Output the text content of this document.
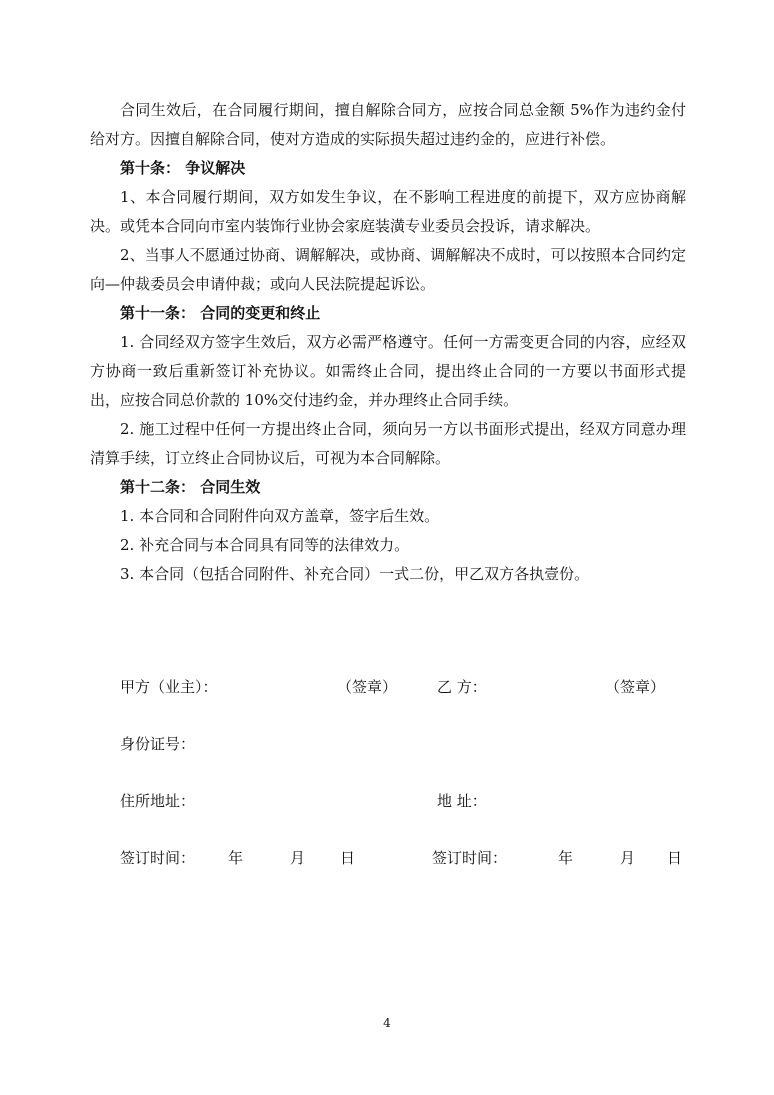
合同生效后，在合同履行期间，擅自解除合同方，应按合同总金额 5%作为违约金付给对方。因擅自解除合同，使对方造成的实际损失超过违约金的，应进行补偿。

第十条： 争议解决

1、本合同履行期间，双方如发生争议，在不影响工程进度的前提下，双方应协商解决。或凭本合同向市室内装饰行业协会家庭装潢专业委员会投诉，请求解决。

2、当事人不愿通过协商、调解解决，或协商、调解解决不成时，可以按照本合同约定向—仲裁委员会申请仲裁；或向人民法院提起诉讼。

第十一条： 合同的变更和终止

1. 合同经双方签字生效后，双方必需严格遵守。任何一方需变更合同的内容，应经双方协商一致后重新签订补充协议。如需终止合同，提出终止合同的一方要以书面形式提出，应按合同总价款的 10%交付违约金，并办理终止合同手续。

2. 施工过程中任何一方提出终止合同，须向另一方以书面形式提出，经双方同意办理清算手续，订立终止合同协议后，可视为本合同解除。

第十二条： 合同生效

1. 本合同和合同附件向双方盖章，签字后生效。

2. 补充合同与本合同具有同等的法律效力。

3. 本合同（包括合同附件、补充合同）一式二份，甲乙双方各执壹份。

甲方（业主）：	（签章）	乙 方：	（签章）
身份证号：
住所地址：	地 址：
签订时间： 年	月 日	签订时间：	年	月 日
4
